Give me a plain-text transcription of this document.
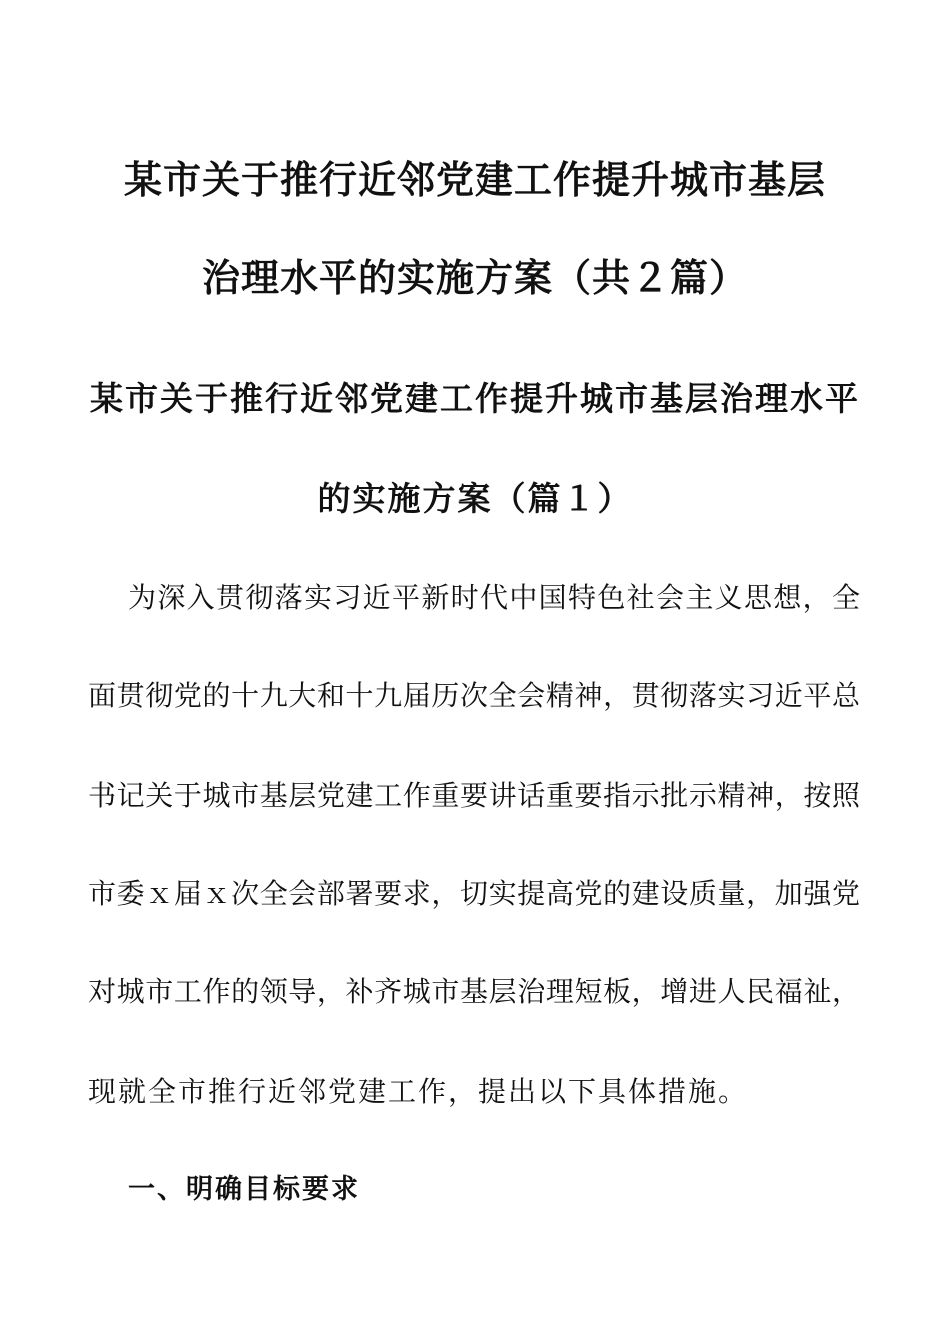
某市关于推行近邻党建工作提升城市基层
治理水平的实施方案（共２篇）
某市关于推行近邻党建工作提升城市基层治理水平
的实施方案（篇１）
为深入贯彻落实习近平新时代中国特色社会主义思想，全
面贯彻党的十九大和十九届历次全会精神，贯彻落实习近平总
书记关于城市基层党建工作重要讲话重要指示批示精神，按照
市委ｘ届ｘ次全会部署要求，切实提高党的建设质量，加强党
对城市工作的领导，补齐城市基层治理短板，增进人民福祉，
现就全市推行近邻党建工作，提出以下具体措施。
一、明确目标要求
